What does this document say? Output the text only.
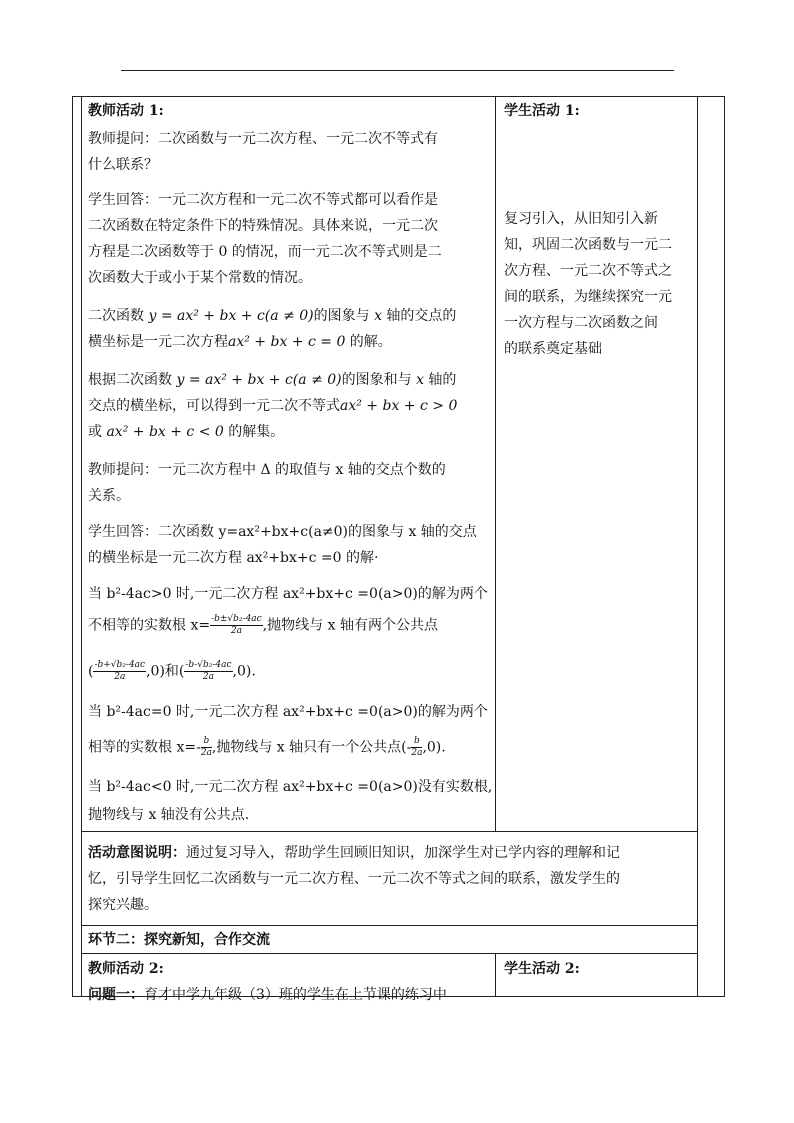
教师活动 1:
教师提问：二次函数与一元二次方程、一元二次不等式有
什么联系？
学生回答：一元二次方程和一元二次不等式都可以看作是
二次函数在特定条件下的特殊情况。具体来说，一元二次
方程是二次函数等于 0 的情况，而一元二次不等式则是二
次函数大于或小于某个常数的情况。
二次函数 y = ax² + bx + c(a ≠ 0)的图象与 x 轴的交点的
横坐标是一元二次方程ax² + bx + c = 0 的解。
根据二次函数 y = ax² + bx + c(a ≠ 0)的图象和与 x 轴的
交点的横坐标，可以得到一元二次不等式ax² + bx + c > 0
或 ax² + bx + c < 0 的解集。
教师提问：一元二次方程中 Δ 的取值与 x 轴的交点个数的
关系。
学生回答：二次函数 y=ax²+bx+c(a≠0)的图象与 x 轴的交点
的横坐标是一元二次方程 ax²+bx+c =0 的解·
当 b²-4ac>0 时,一元二次方程 ax²+bx+c =0(a>0)的解为两个
不相等的实数根 $x= \frac{\text{-b±√b₂-4ac}}{2a}$ ,抛物线与 x 轴有两个公共点
( $\frac{\text{-b+√b₂-4ac}}{2a} ,0$)和( $\frac{\text{-b-√b₂-4ac}}{2a} ,0$).
当 b²-4ac=0 时,一元二次方程 ax²+bx+c =0(a>0)的解为两个
相等的实数根 $x=- \frac{b}{2a}$ ,抛物线与 x 轴只有一个公共点(- $\frac{b}{2a} ,0$).
当 b²-4ac<0 时,一元二次方程 ax²+bx+c =0(a>0)没有实数根,
抛物线与 x 轴没有公共点.
学生活动 1:
复习引入，从旧知引入新
知，巩固二次函数与一元二
次方程、一元二次不等式之
间的联系，为继续探究一元
一次方程与二次函数之间
的联系奠定基础
活动意图说明：通过复习导入，帮助学生回顾旧知识，加深学生对已学内容的理解和记
忆，引导学生回忆二次函数与一元二次方程、一元二次不等式之间的联系，激发学生的
探究兴趣。
环节二：探究新知，合作交流
教师活动 2:
问题一：育才中学九年级（3）班的学生在上节课的练习中
学生活动 2:
